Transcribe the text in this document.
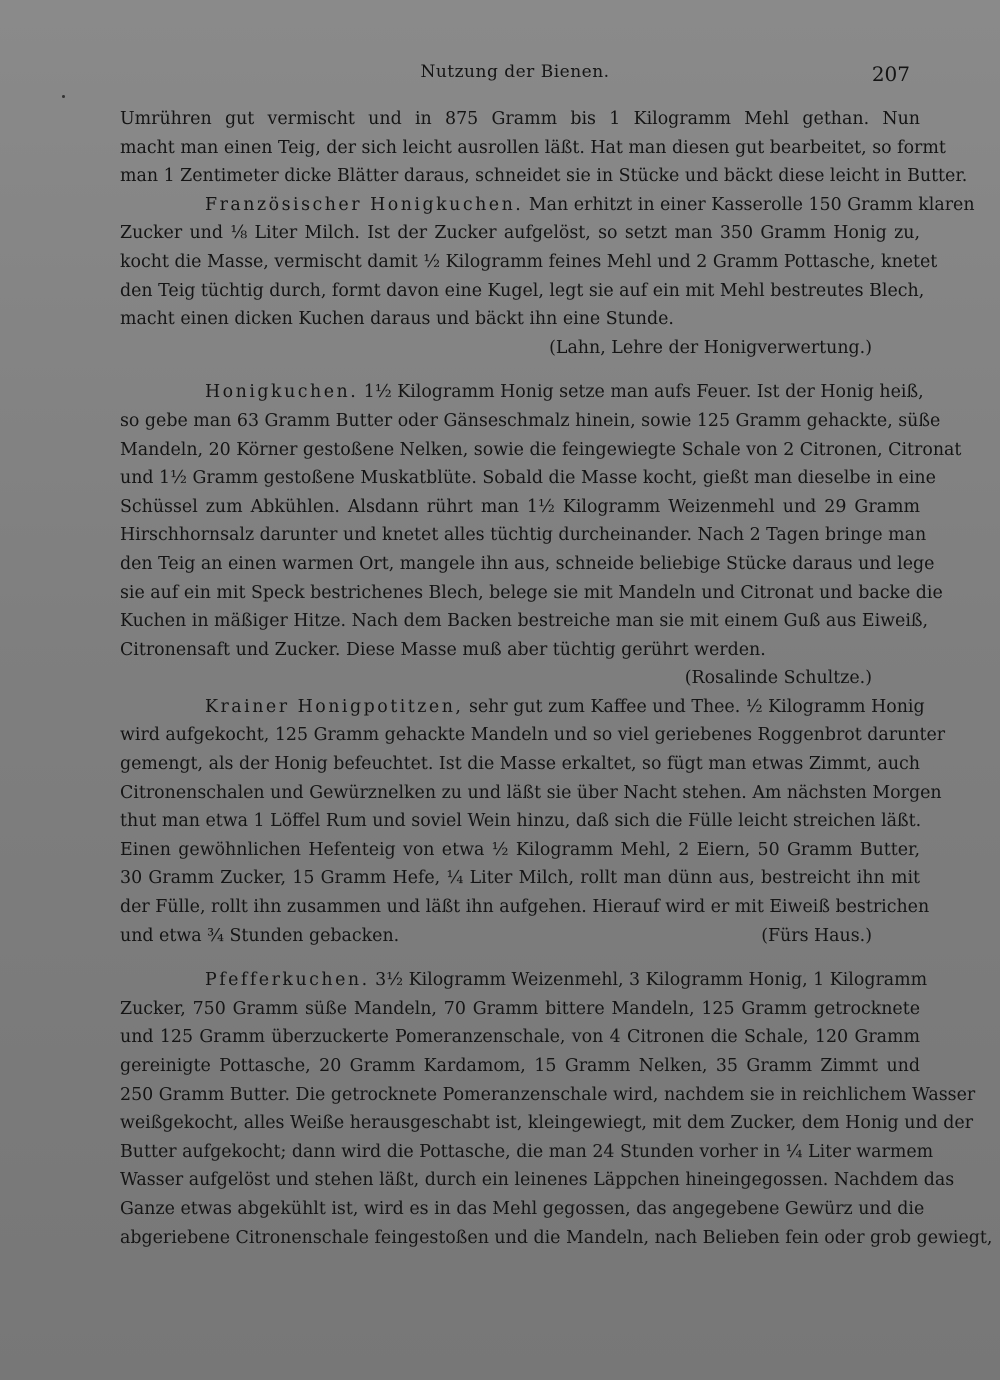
Nutzung der Bienen.	207
Umrühren gut vermischt und in 875 Gramm bis 1 Kilogramm Mehl gethan. Nun
macht man einen Teig, der sich leicht ausrollen läßt. Hat man diesen gut bearbeitet, so formt
man 1 Zentimeter dicke Blätter daraus, schneidet sie in Stücke und bäckt diese leicht in Butter.
Französischer Honigkuchen. Man erhitzt in einer Kasserolle 150 Gramm klaren
Zucker und ⅛ Liter Milch. Ist der Zucker aufgelöst, so setzt man 350 Gramm Honig zu,
kocht die Masse, vermischt damit ½ Kilogramm feines Mehl und 2 Gramm Pottasche, knetet
den Teig tüchtig durch, formt davon eine Kugel, legt sie auf ein mit Mehl bestreutes Blech,
macht einen dicken Kuchen daraus und bäckt ihn eine Stunde.
(Lahn, Lehre der Honigverwertung.)
Honigkuchen. 1½ Kilogramm Honig setze man aufs Feuer. Ist der Honig heiß,
so gebe man 63 Gramm Butter oder Gänseschmalz hinein, sowie 125 Gramm gehackte, süße
Mandeln, 20 Körner gestoßene Nelken, sowie die feingewiegte Schale von 2 Citronen, Citronat
und 1½ Gramm gestoßene Muskatblüte. Sobald die Masse kocht, gießt man dieselbe in eine
Schüssel zum Abkühlen. Alsdann rührt man 1½ Kilogramm Weizenmehl und 29 Gramm
Hirschhornsalz darunter und knetet alles tüchtig durcheinander. Nach 2 Tagen bringe man
den Teig an einen warmen Ort, mangele ihn aus, schneide beliebige Stücke daraus und lege
sie auf ein mit Speck bestrichenes Blech, belege sie mit Mandeln und Citronat und backe die
Kuchen in mäßiger Hitze. Nach dem Backen bestreiche man sie mit einem Guß aus Eiweiß,
Citronensaft und Zucker. Diese Masse muß aber tüchtig gerührt werden.
(Rosalinde Schultze.)
Krainer Honigpotitzen, sehr gut zum Kaffee und Thee. ½ Kilogramm Honig
wird aufgekocht, 125 Gramm gehackte Mandeln und so viel geriebenes Roggenbrot darunter
gemengt, als der Honig befeuchtet. Ist die Masse erkaltet, so fügt man etwas Zimmt, auch
Citronenschalen und Gewürznelken zu und läßt sie über Nacht stehen. Am nächsten Morgen
thut man etwa 1 Löffel Rum und soviel Wein hinzu, daß sich die Fülle leicht streichen läßt.
Einen gewöhnlichen Hefenteig von etwa ½ Kilogramm Mehl, 2 Eiern, 50 Gramm Butter,
30 Gramm Zucker, 15 Gramm Hefe, ¼ Liter Milch, rollt man dünn aus, bestreicht ihn mit
der Fülle, rollt ihn zusammen und läßt ihn aufgehen. Hierauf wird er mit Eiweiß bestrichen
und etwa ¾ Stunden gebacken.	(Fürs Haus.)
Pfefferkuchen. 3½ Kilogramm Weizenmehl, 3 Kilogramm Honig, 1 Kilogramm
Zucker, 750 Gramm süße Mandeln, 70 Gramm bittere Mandeln, 125 Gramm getrocknete
und 125 Gramm überzuckerte Pomeranzenschale, von 4 Citronen die Schale, 120 Gramm
gereinigte Pottasche, 20 Gramm Kardamom, 15 Gramm Nelken, 35 Gramm Zimmt und
250 Gramm Butter. Die getrocknete Pomeranzenschale wird, nachdem sie in reichlichem Wasser
weißgekocht, alles Weiße herausgeschabt ist, kleingewiegt, mit dem Zucker, dem Honig und der
Butter aufgekocht; dann wird die Pottasche, die man 24 Stunden vorher in ¼ Liter warmem
Wasser aufgelöst und stehen läßt, durch ein leinenes Läppchen hineingegossen. Nachdem das
Ganze etwas abgekühlt ist, wird es in das Mehl gegossen, das angegebene Gewürz und die
abgeriebene Citronenschale feingestoßen und die Mandeln, nach Belieben fein oder grob gewiegt,
